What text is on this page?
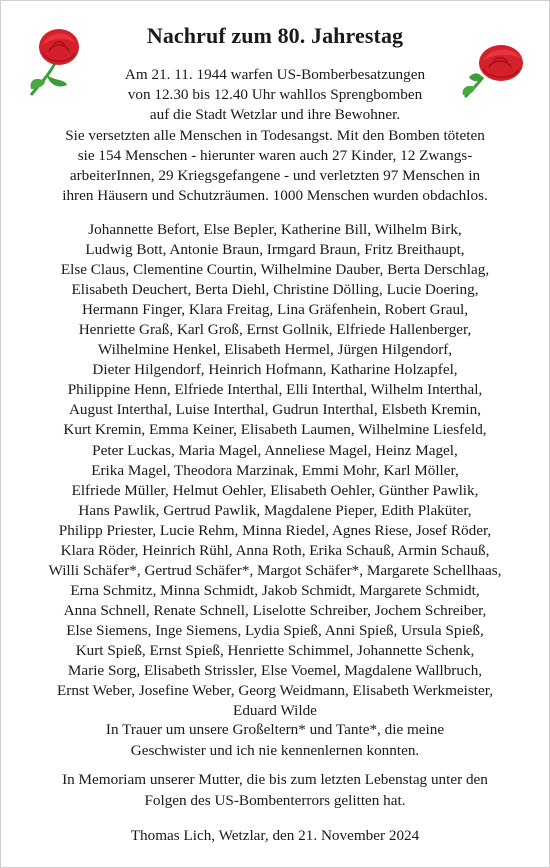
Nachruf zum 80. Jahrestag
Am 21. 11. 1944 warfen US-Bomberbesatzungen
von 12.30 bis 12.40 Uhr wahllos Sprengbomben
auf die Stadt Wetzlar und ihre Bewohner.
Sie versetzten alle Menschen in Todesangst. Mit den Bomben töteten
sie 154 Menschen - hierunter waren auch 27 Kinder, 12 Zwangs-
arbeiterInnen, 29 Kriegsgefangene - und verletzten 97 Menschen in
ihren Häusern und Schutzräumen. 1000 Menschen wurden obdachlos.
Johannette Befort, Else Bepler, Katherine Bill, Wilhelm Birk,
Ludwig Bott, Antonie Braun, Irmgard Braun, Fritz Breithaupt,
Else Claus, Clementine Courtin, Wilhelmine Dauber, Berta Derschlag,
Elisabeth Deuchert, Berta Diehl, Christine Dölling, Lucie Doering,
Hermann Finger, Klara Freitag, Lina Gräfenhein, Robert Graul,
Henriette Graß, Karl Groß, Ernst Gollnik, Elfriede Hallenberger,
Wilhelmine Henkel, Elisabeth Hermel, Jürgen Hilgendorf,
Dieter Hilgendorf, Heinrich Hofmann, Katharine Holzapfel,
Philippine Henn, Elfriede Interthal, Elli Interthal, Wilhelm Interthal,
August Interthal, Luise Interthal, Gudrun Interthal, Elsbeth Kremin,
Kurt Kremin, Emma Keiner, Elisabeth Laumen, Wilhelmine Liesfeld,
Peter Luckas, Maria Magel, Anneliese Magel, Heinz Magel,
Erika Magel, Theodora Marzinak, Emmi Mohr, Karl Möller,
Elfriede Müller, Helmut Oehler, Elisabeth Oehler, Günther Pawlik,
Hans Pawlik, Gertrud Pawlik, Magdalene Pieper, Edith Plaküter,
Philipp Priester, Lucie Rehm, Minna Riedel, Agnes Riese, Josef Röder,
Klara Röder, Heinrich Rühl, Anna Roth, Erika Schauß, Armin Schauß,
Willi Schäfer*, Gertrud Schäfer*, Margot Schäfer*, Margarete Schellhaas,
Erna Schmitz, Minna Schmidt, Jakob Schmidt, Margarete Schmidt,
Anna Schnell, Renate Schnell, Liselotte Schreiber, Jochem Schreiber,
Else Siemens, Inge Siemens, Lydia Spieß, Anni Spieß, Ursula Spieß,
Kurt Spieß, Ernst Spieß, Henriette Schimmel, Johannette Schenk,
Marie Sorg, Elisabeth Strissler, Else Voemel, Magdalene Wallbruch,
Ernst Weber, Josefine Weber, Georg Weidmann, Elisabeth Werkmeister,
Eduard Wilde
In Trauer um unsere Großeltern* und Tante*, die meine
Geschwister und ich nie kennenlernen konnten.
In Memoriam unserer Mutter, die bis zum letzten Lebenstag unter den
Folgen des US-Bombenterrors gelitten hat.
Thomas Lich, Wetzlar, den 21. November 2024
